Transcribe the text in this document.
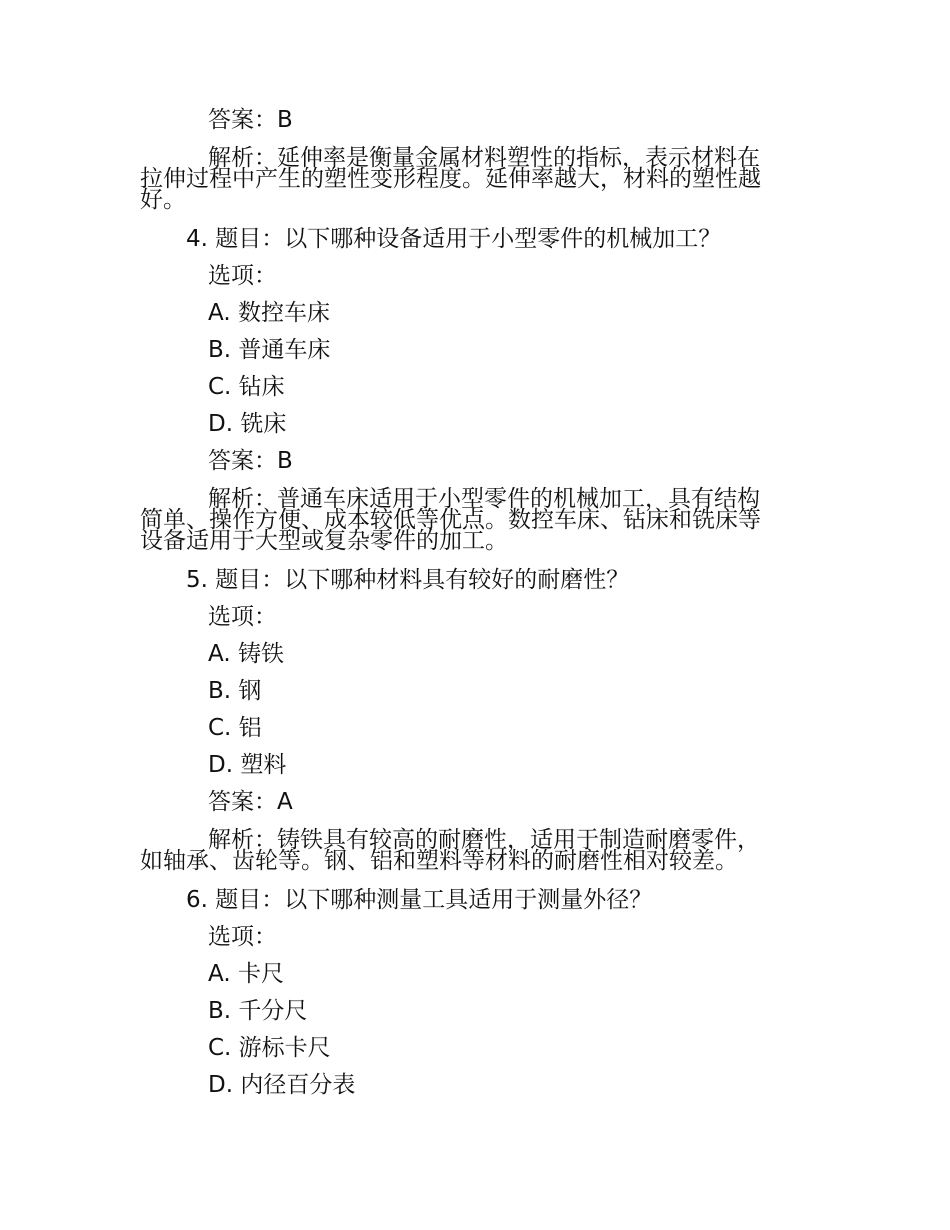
答案：B
解析：延伸率是衡量金属材料塑性的指标，表示材料在
拉伸过程中产生的塑性变形程度。延伸率越大，材料的塑性越
好。
4. 题目：以下哪种设备适用于小型零件的机械加工？
选项：
A. 数控车床
B. 普通车床
C. 钻床
D. 铣床
答案：B
解析：普通车床适用于小型零件的机械加工，具有结构
简单、操作方便、成本较低等优点。数控车床、钻床和铣床等
设备适用于大型或复杂零件的加工。
5. 题目：以下哪种材料具有较好的耐磨性？
选项：
A. 铸铁
B. 钢
C. 铝
D. 塑料
答案：A
解析：铸铁具有较高的耐磨性，适用于制造耐磨零件，
如轴承、齿轮等。钢、铝和塑料等材料的耐磨性相对较差。
6. 题目：以下哪种测量工具适用于测量外径？
选项：
A. 卡尺
B. 千分尺
C. 游标卡尺
D. 内径百分表
